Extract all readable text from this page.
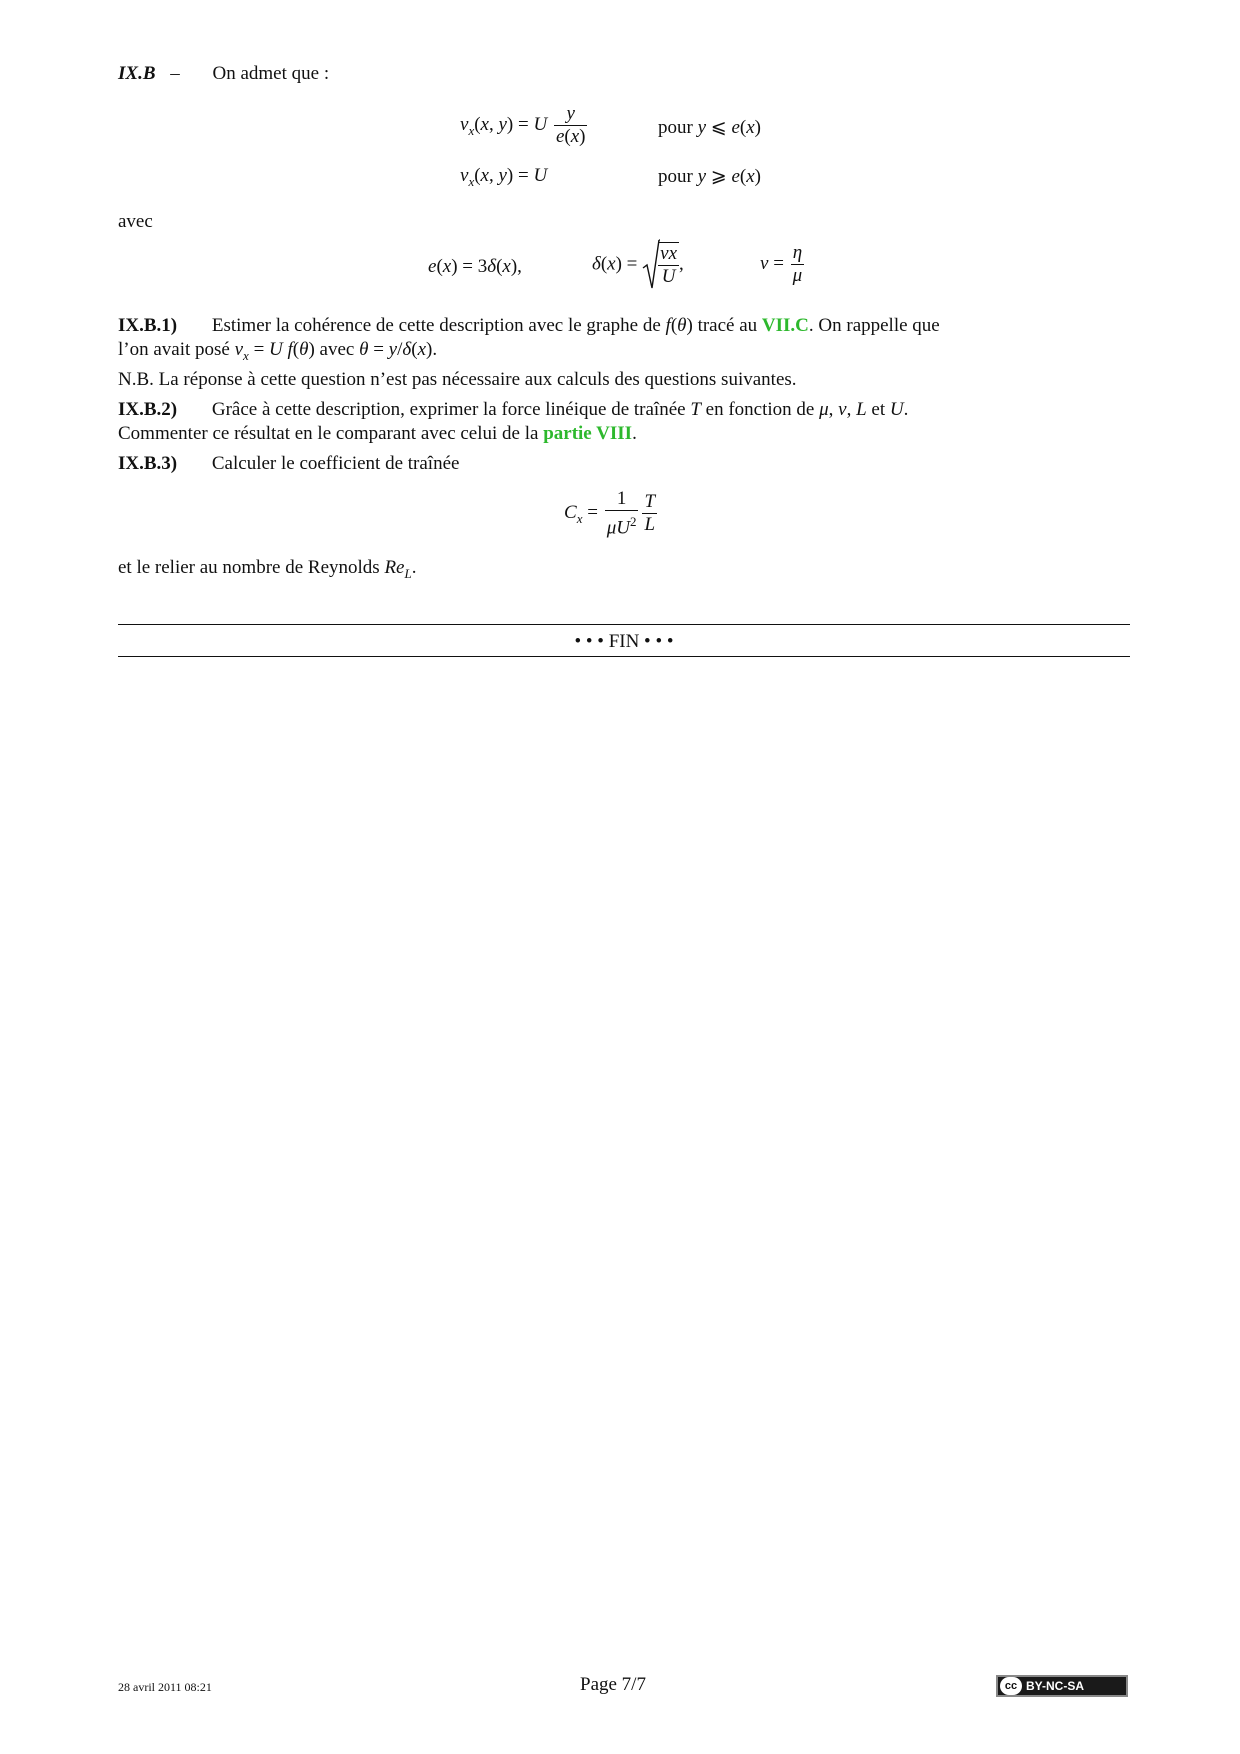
IX.B – On admet que :
$v_x(x$, y) = U $\frac{y}{e(x)}$	pour y ⩽ e(x)
$v_x(x$, y) = U	pour y ⩾ e(x)
avec
e(x) = 3δ(x),	$\delta(x) = \frac{\nu x}{U}$ ,	$\nu = \frac{\eta}{\mu}$
IX.B.1) Estimer la cohérence de cette description avec le graphe de f(θ) tracé au VII.C. On rappelle que
l’on avait posé $v_x = U$ f(θ) avec θ = y/δ(x).
N.B. La réponse à cette question n’est pas nécessaire aux calculs des questions suivantes.
IX.B.2) Grâce à cette description, exprimer la force linéique de traînée T en fonction de μ, ν, L et U.
Commenter ce résultat en le comparant avec celui de la partie VIII.
IX.B.3) Calculer le coefficient de traînée
$C_x = \frac{1}{\mu U^2} \frac{T}{L}$
et le relier au nombre de Reynolds $Re_L$.
• • • FIN • • •
28 avril 2011 08:21	Page 7/7	cc BY-NC-SA
